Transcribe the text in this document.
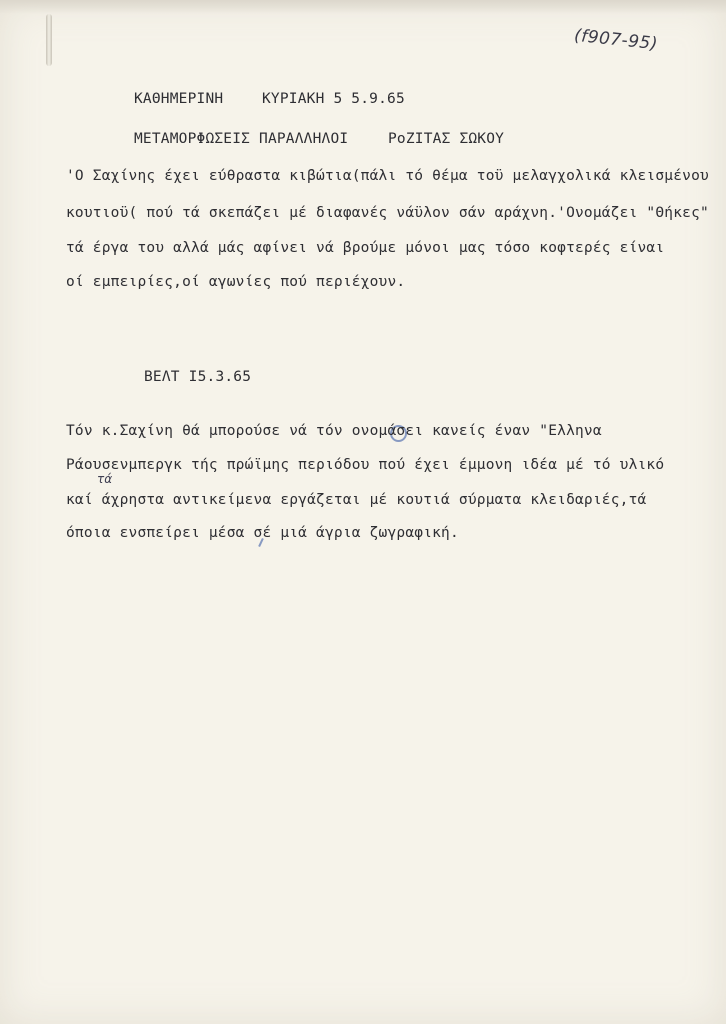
(f907-95)
ΚΑΘΗΜΕΡΙΝΗ	ΚΥΡΙΑΚΗ 5 5.9.65
ΜΕΤΑΜΟΡΦΩΣΕΙΣ ΠΑΡΑΛΛΗΛΟΙ	ΡοΖΙΤΑΣ ΣΩΚΟΥ
'Ο Σαχίνης έχει εύθραστα κιβώτια(πάλι τό θέμα τοϋ μελαγχολικά κλεισμένου
κουτιοϋ( πού τά σκεπάζει μέ διαφανές νάϋλον σάν αράχνη.'Ονομάζει "Θήκες"
τά έργα του αλλά μάς αφίνει νά βρούμε μόνοι μας τόσο κοφτερές είναι
οί εμπειρίες,οί αγωνίες πού περιέχουν.
ΒΕΛΤ Ι5.3.65
Τόν κ.Σαχίνη θά μπορούσε νά τόν ονομάσει κανείς έναν "Ελληνα
Ράουσενμπεργκ τής πρώϊμης περιόδου πού έχει έμμονη ιδέα μέ τό υλικό
τά
καί άχρηστα αντικείμενα εργάζεται μέ κουτιά σύρματα κλειδαριές,τά
όποια ενσπείρει μέσα σέ μιά άγρια ζωγραφική.
